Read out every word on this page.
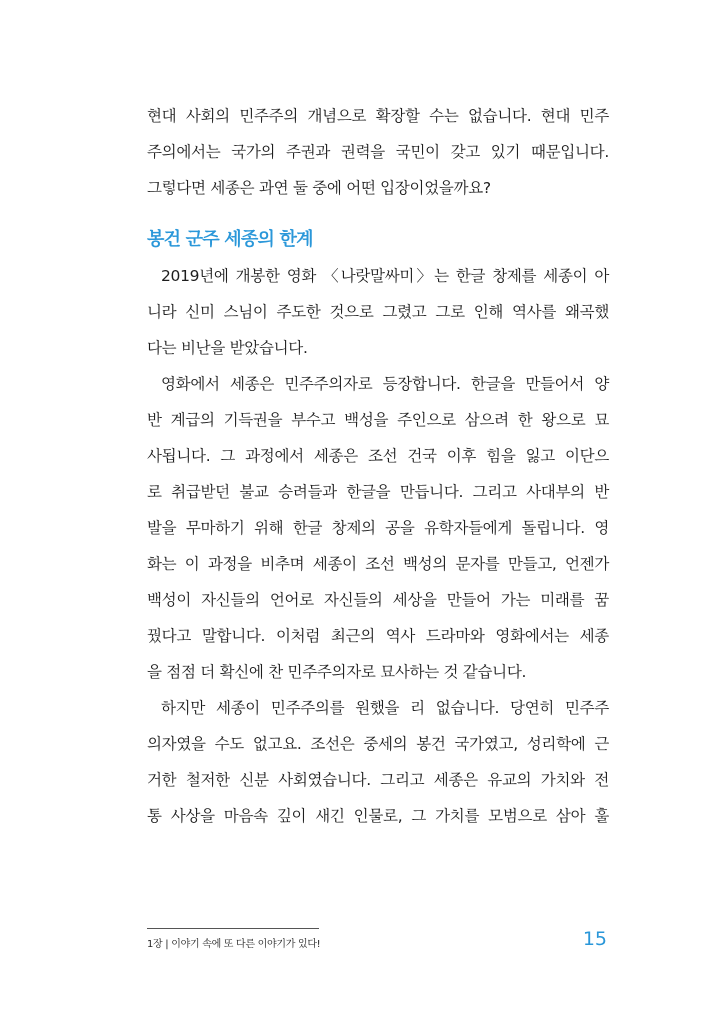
현대 사회의 민주주의 개념으로 확장할 수는 없습니다. 현대 민주
주의에서는 국가의 주권과 권력을 국민이 갖고 있기 때문입니다.
그렇다면 세종은 과연 둘 중에 어떤 입장이었을까요?
봉건 군주 세종의 한계
2019년에 개봉한 영화 〈나랏말싸미〉는 한글 창제를 세종이 아
니라 신미 스님이 주도한 것으로 그렸고 그로 인해 역사를 왜곡했
다는 비난을 받았습니다.
영화에서 세종은 민주주의자로 등장합니다. 한글을 만들어서 양
반 계급의 기득권을 부수고 백성을 주인으로 삼으려 한 왕으로 묘
사됩니다. 그 과정에서 세종은 조선 건국 이후 힘을 잃고 이단으
로 취급받던 불교 승려들과 한글을 만듭니다. 그리고 사대부의 반
발을 무마하기 위해 한글 창제의 공을 유학자들에게 돌립니다. 영
화는 이 과정을 비추며 세종이 조선 백성의 문자를 만들고, 언젠가
백성이 자신들의 언어로 자신들의 세상을 만들어 가는 미래를 꿈
꿨다고 말합니다. 이처럼 최근의 역사 드라마와 영화에서는 세종
을 점점 더 확신에 찬 민주주의자로 묘사하는 것 같습니다.
하지만 세종이 민주주의를 원했을 리 없습니다. 당연히 민주주
의자였을 수도 없고요. 조선은 중세의 봉건 국가였고, 성리학에 근
거한 철저한 신분 사회였습니다. 그리고 세종은 유교의 가치와 전
통 사상을 마음속 깊이 새긴 인물로, 그 가치를 모범으로 삼아 훌
1장 | 이야기 속에 또 다른 이야기가 있다!	15
